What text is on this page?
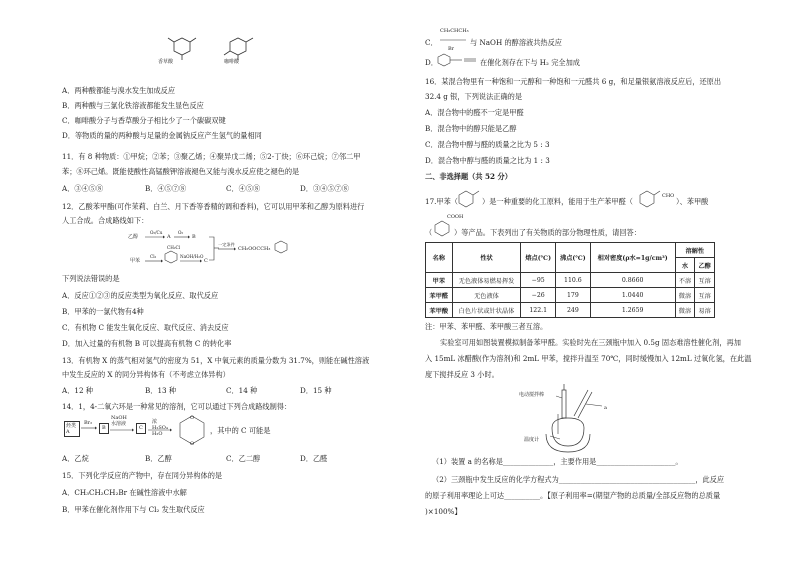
香草酸	咖啡酸
A．两种酸都能与溴水发生加成反应
B．两种酸与三氯化铁溶液都能发生显色反应
C．咖啡酸分子与香草酸分子相比少了一个碳碳双键
D．等物质的量的两种酸与足量的金属钠反应产生氢气的量相同
11．有 8 种物质：①甲烷；②苯；③聚乙烯；④聚异戊二烯；⑤2-丁炔；⑥环己烷；⑦邻二甲
苯；⑧环己烯。既能使酸性高锰酸钾溶液褪色又能与溴水反应使之褪色的是
A．③④⑤⑧	B．④⑤⑦⑧	C．④⑤⑧	D．③④⑤⑦⑧
12．乙酸苯甲酯(可作茉莉、白兰、月下香等香精的调和香料)，它可以用甲苯和乙醇为原料进行
人工合成。合成路线如下：
乙醇
O₂/Cu
A
O₂
B
CH₂Cl
甲苯
Cl₂	NaOH/H₂O
C
一定条件
CH₂OOCCH₃
下列说法错误的是
A．反应①②③的反应类型为氧化反应、取代反应
B．甲苯的一氯代物有4种
C．有机物 C 能发生氧化反应、取代反应、消去反应
D．加入过量的有机物 B 可以提高有机物 C 的转化率
13．有机物 X 的蒸气相对氢气的密度为 51，X 中氧元素的质量分数为 31.7%，则能在碱性溶液
中发生反应的 X 的同分异构体有（不考虑立体异构）
A．12 种	B．13 种	C．14 种	D．15 种
14．1，4-二氧六环是一种常见的溶剂，它可以通过下列合成路线制得：
烃类 A
Br₂
B
NaOH 水溶液
C
浓 H₂SO₄ H₂O
O
O
，其中的 C 可能是
A．乙烷	B．乙醇	C．乙二醇	D．乙醛
15．下列化学反应的产物中，存在同分异构体的是
A．CH₃CH₂CH₂Br 在碱性溶液中水解
B．甲苯在催化剂作用下与 Cl₂ 发生取代反应
CH₃CHCH₃
C．
Br
与 NaOH 的醇溶液共热反应
D．	在催化剂存在下与 H₂ 完全加成
16．某混合物里有一种饱和一元醇和一种饱和一元醛共 6 g，和足量银氨溶液反应后，还原出
32.4 g 银，下列说法正确的是
A．混合物中的醛不一定是甲醛
B．混合物中的醇只能是乙醇
C．混合物中醇与醛的质量之比为 5 : 3
D．混合物中醇与醛的质量之比为 1 : 3
二、非选择题（共 52 分）
17.甲苯（	）是一种重要的化工原料，能用于生产苯甲醛（
CHO
）、苯甲酸
COOH
（	）等产品。下表列出了有关物质的部分物理性质，请回答：
名称	性状	熔点(℃)	沸点(℃)	相对密度(ρ水=1g/cm³)	溶解性	
					水	乙醇
甲苯	无色液体易燃易挥发	−95	110.6	0.8660	不溶	互溶
苯甲醛	无色液体	−26	179	1.0440	微溶	互溶
苯甲酸	白色片状或针状晶体	122.1	249	1.2659	微溶	易溶
注：甲苯、苯甲醛、苯甲酸三者互溶。
实验室可用如图装置模拟制备苯甲醛。实验时先在三颈瓶中加入 0.5g 固态难溶性催化剂，再加
入 15mL 冰醋酸(作为溶剂)和 2mL 甲苯，搅拌升温至 70℃，同时缓慢加入 12mL 过氧化氢，在此温
度下搅拌反应 3 小时。
电动搅拌棒
温度计
a
（1）装置 a 的名称是______________，主要作用是______________________。
（2）三颈瓶中发生反应的化学方程式为______________________________________，此反应
的原子利用率理论上可达__________。【原子利用率=(期望产物的总质量/全部反应物的总质量
)×100%】
